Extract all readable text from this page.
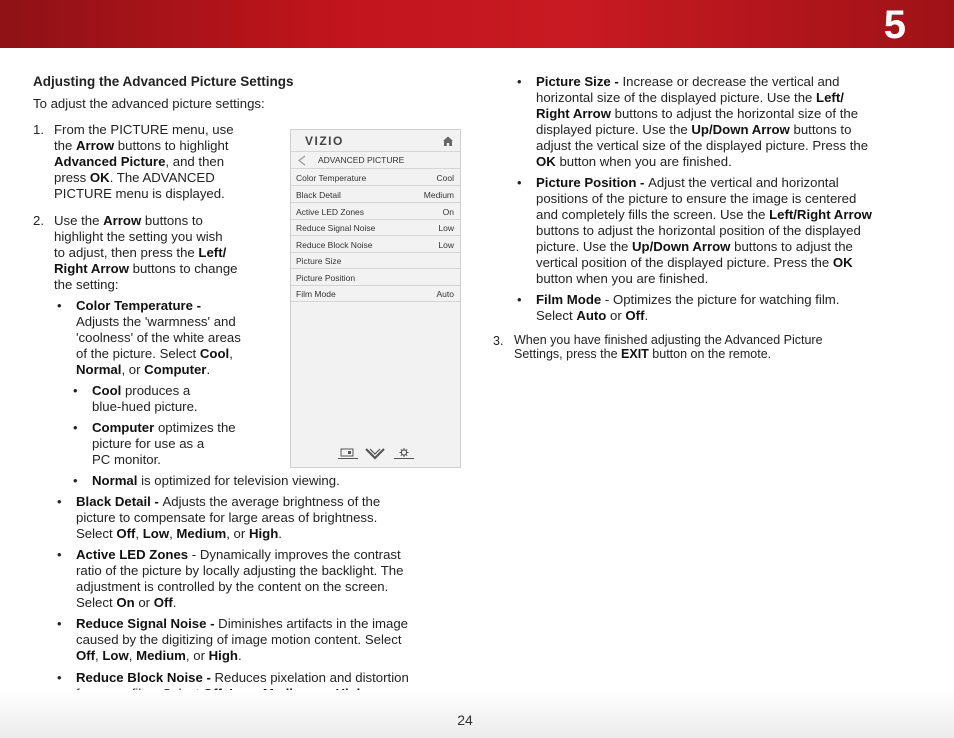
5
Adjusting the Advanced Picture Settings
To adjust the advanced picture settings:
1. From the PICTURE menu, use
the Arrow buttons to highlight
Advanced Picture, and then
press OK. The ADVANCED
PICTURE menu is displayed.
2. Use the Arrow buttons to
highlight the setting you wish
to adjust, then press the Left/
Right Arrow buttons to change
the setting:
• Color Temperature -
Adjusts the 'warmness' and
'coolness' of the white areas
of the picture. Select Cool,
Normal, or Computer.
• Cool produces a
blue-hued picture.
• Computer optimizes the
picture for use as a
PC monitor.
• Normal is optimized for television viewing.
• Black Detail - Adjusts the average brightness of the
picture to compensate for large areas of brightness.
Select Off, Low, Medium, or High.
• Active LED Zones - Dynamically improves the contrast
ratio of the picture by locally adjusting the backlight. The
adjustment is controlled by the content on the screen.
Select On or Off.
• Reduce Signal Noise - Diminishes artifacts in the image
caused by the digitizing of image motion content. Select
Off, Low, Medium, or High.
• Reduce Block Noise - Reduces pixelation and distortion
VIZIO
ADVANCED PICTURE
Color Temperature	Cool
Black Detail	Medium
Active LED Zones	On
Reduce Signal Noise	Low
Reduce Block Noise	Low
Picture Size
Picture Position
Film Mode	Auto
• Picture Size - Increase or decrease the vertical and
horizontal size of the displayed picture. Use the Left/
Right Arrow buttons to adjust the horizontal size of the
displayed picture. Use the Up/Down Arrow buttons to
adjust the vertical size of the displayed picture. Press the
OK button when you are finished.
• Picture Position - Adjust the vertical and horizontal
positions of the picture to ensure the image is centered
and completely fills the screen. Use the Left/Right Arrow
buttons to adjust the horizontal position of the displayed
picture. Use the Up/Down Arrow buttons to adjust the
vertical position of the displayed picture. Press the OK
button when you are finished.
• Film Mode - Optimizes the picture for watching film.
Select Auto or Off.
3. When you have finished adjusting the Advanced Picture
Settings, press the EXIT button on the remote.
24
